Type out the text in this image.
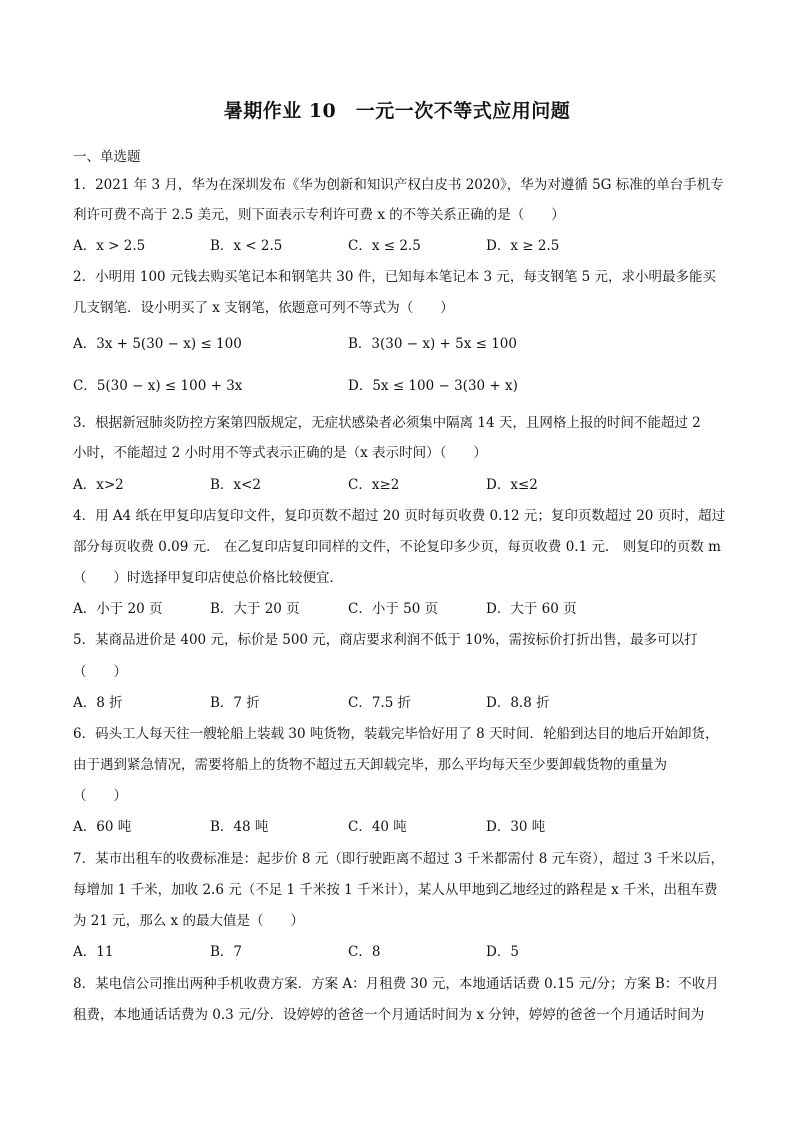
暑期作业 10　一元一次不等式应用问题
一、单选题
1．2021 年 3 月，华为在深圳发布《华为创新和知识产权白皮书 2020》，华为对遵循 5G 标准的单台手机专
利许可费不高于 2.5 美元，则下面表示专利许可费 x 的不等关系正确的是（　　）
A．x > 2.5	B．x < 2.5	C．x ≤ 2.5	D．x ≥ 2.5
2．小明用 100 元钱去购买笔记本和钢笔共 30 件，已知每本笔记本 3 元，每支钢笔 5 元，求小明最多能买
几支钢笔．设小明买了 x 支钢笔，依题意可列不等式为（　　）
A．3x + 5(30 − x) ≤ 100	B．3(30 − x) + 5x ≤ 100
C．5(30 − x) ≤ 100 + 3x	D．5x ≤ 100 − 3(30 + x)
3．根据新冠肺炎防控方案第四版规定，无症状感染者必须集中隔离 14 天，且网格上报的时间不能超过 2
小时，不能超过 2 小时用不等式表示正确的是（x 表示时间）（　　）
A．x>2	B．x<2	C．x≥2	D．x≤2
4．用 A4 纸在甲复印店复印文件，复印页数不超过 20 页时每页收费 0.12 元；复印页数超过 20 页时，超过
部分每页收费 0.09 元． 在乙复印店复印同样的文件，不论复印多少页，每页收费 0.1 元． 则复印的页数 m
（　　）时选择甲复印店使总价格比较便宜．
A．小于 20 页	B．大于 20 页	C．小于 50 页	D．大于 60 页
5．某商品进价是 400 元，标价是 500 元，商店要求利润不低于 10%，需按标价打折出售，最多可以打
（　　）
A．8 折	B．7 折	C．7.5 折	D．8.8 折
6．码头工人每天往一艘轮船上装载 30 吨货物，装载完毕恰好用了 8 天时间．轮船到达目的地后开始卸货，
由于遇到紧急情况，需要将船上的货物不超过五天卸载完毕，那么平均每天至少要卸载货物的重量为
（　　）
A．60 吨	B．48 吨	C．40 吨	D．30 吨
7．某市出租车的收费标准是：起步价 8 元（即行驶距离不超过 3 千米都需付 8 元车资），超过 3 千米以后，
每增加 1 千米，加收 2.6 元（不足 1 千米按 1 千米计），某人从甲地到乙地经过的路程是 x 千米，出租车费
为 21 元，那么 x 的最大值是（　　）
A．11	B．7	C．8	D．5
8．某电信公司推出两种手机收费方案．方案 A：月租费 30 元，本地通话话费 0.15 元/分；方案 B：不收月
租费，本地通话话费为 0.3 元/分．设婷婷的爸爸一个月通话时间为 x 分钟，婷婷的爸爸一个月通话时间为
